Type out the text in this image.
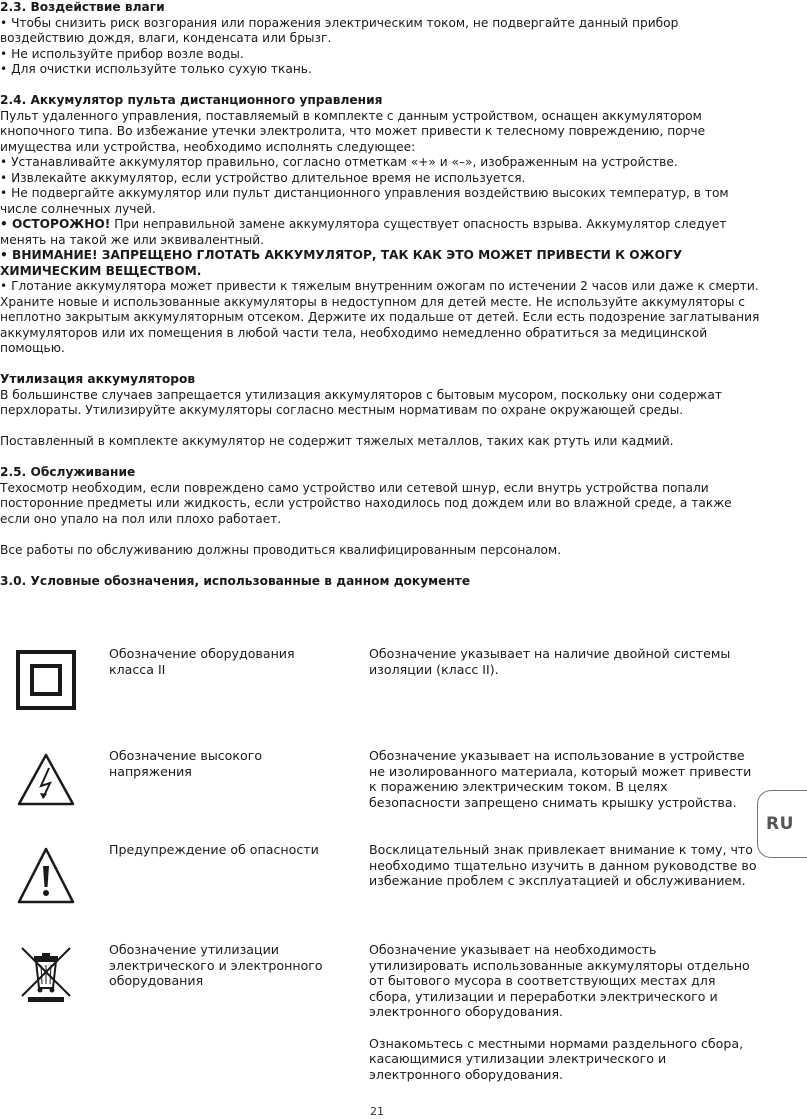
2.3. Воздействие влаги

• Чтобы снизить риск возгорания или поражения электрическим током, не подвергайте данный прибор воздействию дождя, влаги, конденсата или брызг.

• Не используйте прибор возле воды.

• Для очистки используйте только сухую ткань.

2.4. Аккумулятор пульта дистанционного управления

Пульт удаленного управления, поставляемый в комплекте с данным устройством, оснащен аккумулятором кнопочного типа. Во избежание утечки электролита, что может привести к телесному повреждению, порче имущества или устройства, необходимо исполнять следующее:

• Устанавливайте аккумулятор правильно, согласно отметкам «+» и «–», изображенным на устройстве.

• Извлекайте аккумулятор, если устройство длительное время не используется.

• Не подвергайте аккумулятор или пульт дистанционного управления воздействию высоких температур, в том числе солнечных лучей.

• ОСТОРОЖНО! При неправильной замене аккумулятора существует опасность взрыва. Аккумулятор следует менять на такой же или эквивалентный.

• ВНИМАНИЕ! ЗАПРЕЩЕНО ГЛОТАТЬ АККУМУЛЯТОР, ТАК КАК ЭТО МОЖЕТ ПРИВЕСТИ К ОЖОГУ ХИМИЧЕСКИМ ВЕЩЕСТВОМ.

• Глотание аккумулятора может привести к тяжелым внутренним ожогам по истечении 2 часов или даже к смерти. Храните новые и использованные аккумуляторы в недоступном для детей месте. Не используйте аккумуляторы с неплотно закрытым аккумуляторным отсеком. Держите их подальше от детей. Если есть подозрение заглатывания аккумуляторов или их помещения в любой части тела, необходимо немедленно обратиться за медицинской помощью.

Утилизация аккумуляторов

В большинстве случаев запрещается утилизация аккумуляторов с бытовым мусором, поскольку они содержат перхлораты. Утилизируйте аккумуляторы согласно местным нормативам по охране окружающей среды.

Поставленный в комплекте аккумулятор не содержит тяжелых металлов, таких как ртуть или кадмий.

2.5. Обслуживание

Техосмотр необходим, если повреждено само устройство или сетевой шнур, если внутрь устройства попали посторонние предметы или жидкость, если устройство находилось под дождем или во влажной среде, а также если оно упало на пол или плохо работает.

Все работы по обслуживанию должны проводиться квалифицированным персоналом.

3.0. Условные обозначения, использованные в данном документе

Обозначение оборудования класса II
Обозначение указывает на наличие двойной системы изоляции (класс II).
Обозначение высокого напряжения
Обозначение указывает на использование в устройстве не изолированного материала, который может привести к поражению электрическим током. В целях безопасности запрещено снимать крышку устройства.
Предупреждение об опасности	Восклицательный знак привлекает внимание к тому, что необходимо тщательно изучить в данном руководстве во избежание проблем с эксплуатацией и обслуживанием.
Обозначение утилизации электрического и электронного оборудования
Обозначение указывает на необходимость утилизировать использованные аккумуляторы отдельно от бытового мусора в соответствующих местах для сбора, утилизации и переработки электрического и электронного оборудования.
Ознакомьтесь с местными нормами раздельного сбора, касающимися утилизации электрического и электронного оборудования.
RU
21
